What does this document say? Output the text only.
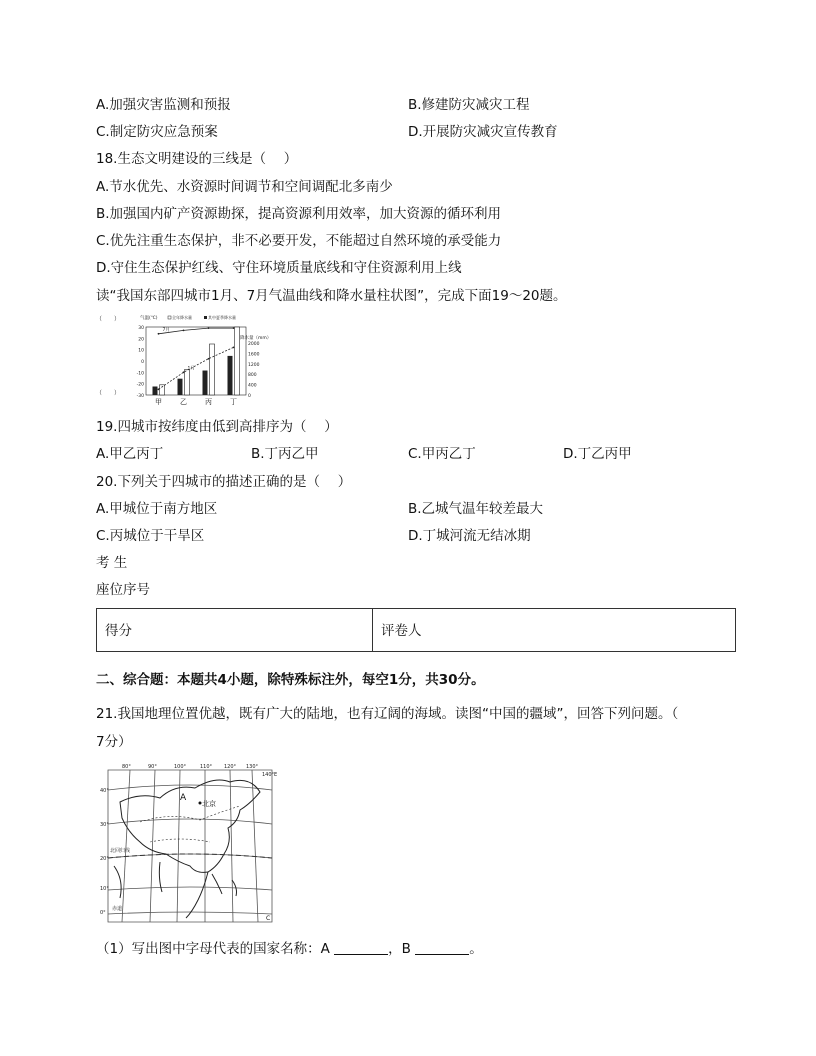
A.加强灾害监测和预报	B.修建防灾减灾工程
C.制定防灾应急预案	D.开展防灾减灾宣传教育
18.生态文明建设的三线是（　 ）
A.节水优先、水资源时间调节和空间调配北多南少
B.加强国内矿产资源勘探，提高资源利用效率，加大资源的循环利用
C.优先注重生态保护，非不必要开发，不能超过自然环境的承受能力
D.守住生态保护红线、守住环境质量底线和守住资源利用上线
读“我国东部四城市1月、7月气温曲线和降水量柱状图”，完成下面19～20题。
30
20
10
0
-10
-20
-30
2000
1600
1200
800
400
0
气温(℃)
降水量（mm）
（　　）
（　　）
全年降水量	其中夏季降水量
甲	乙	丙	丁
7月
1月
19.四城市按纬度由低到高排序为（　 ）
A.甲乙丙丁	B.丁丙乙甲	C.甲丙乙丁	D.丁乙丙甲
20.下列关于四城市的描述正确的是（　 ）
A.甲城位于南方地区	B.乙城气温年较差最大
C.丙城位于干旱区	D.丁城河流无结冰期
考 生
座位序号
得分	评卷人
二、综合题：本题共4小题，除特殊标注外，每空1分，共30分。
21.我国地理位置优越，既有广大的陆地，也有辽阔的海域。读图“中国的疆域”，回答下列问题。（
7分）
80°	90°	100°	110° 120° 130°
140°E
40°
30°
20°
10°
0°
A
北京
北回归线
赤道
C
（1）写出图中字母代表的国家名称：A	，B	。
